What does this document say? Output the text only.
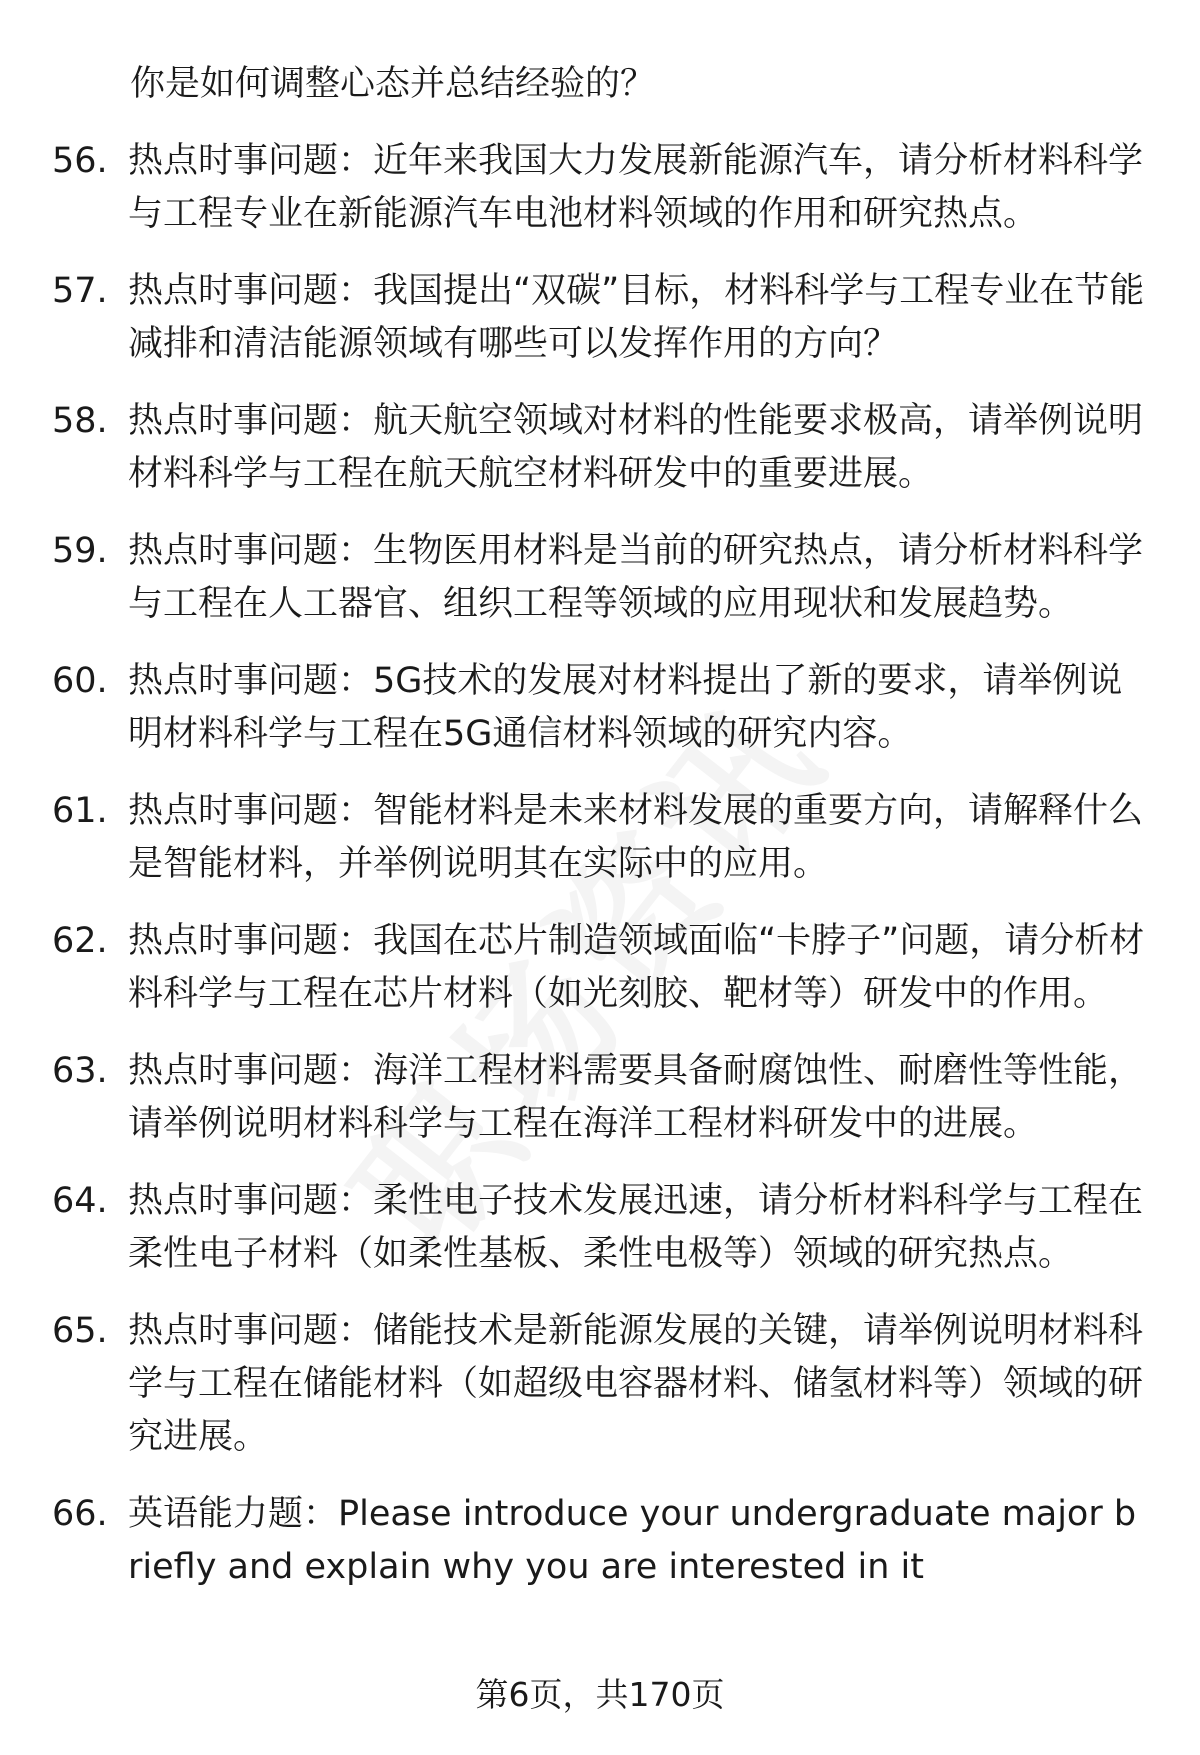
你是如何调整心态并总结经验的？
56. 热点时事问题：近年来我国大力发展新能源汽车，请分析材料科学与工程专业在新能源汽车电池材料领域的作用和研究热点。
57. 热点时事问题：我国提出“双碳”目标，材料科学与工程专业在节能减排和清洁能源领域有哪些可以发挥作用的方向？
58. 热点时事问题：航天航空领域对材料的性能要求极高，请举例说明材料科学与工程在航天航空材料研发中的重要进展。
59. 热点时事问题：生物医用材料是当前的研究热点，请分析材料科学与工程在人工器官、组织工程等领域的应用现状和发展趋势。
60. 热点时事问题：5G技术的发展对材料提出了新的要求，请举例说明材料科学与工程在5G通信材料领域的研究内容。
61. 热点时事问题：智能材料是未来材料发展的重要方向，请解释什么是智能材料，并举例说明其在实际中的应用。
62. 热点时事问题：我国在芯片制造领域面临“卡脖子”问题，请分析材料科学与工程在芯片材料（如光刻胶、靶材等）研发中的作用。
63. 热点时事问题：海洋工程材料需要具备耐腐蚀性、耐磨性等性能，请举例说明材料科学与工程在海洋工程材料研发中的进展。
64. 热点时事问题：柔性电子技术发展迅速，请分析材料科学与工程在柔性电子材料（如柔性基板、柔性电极等）领域的研究热点。
65. 热点时事问题：储能技术是新能源发展的关键，请举例说明材料科学与工程在储能材料（如超级电容器材料、储氢材料等）领域的研究进展。
66. 英语能力题：Please introduce your undergraduate major briefly and explain why you are interested in it
第6页，共170页
